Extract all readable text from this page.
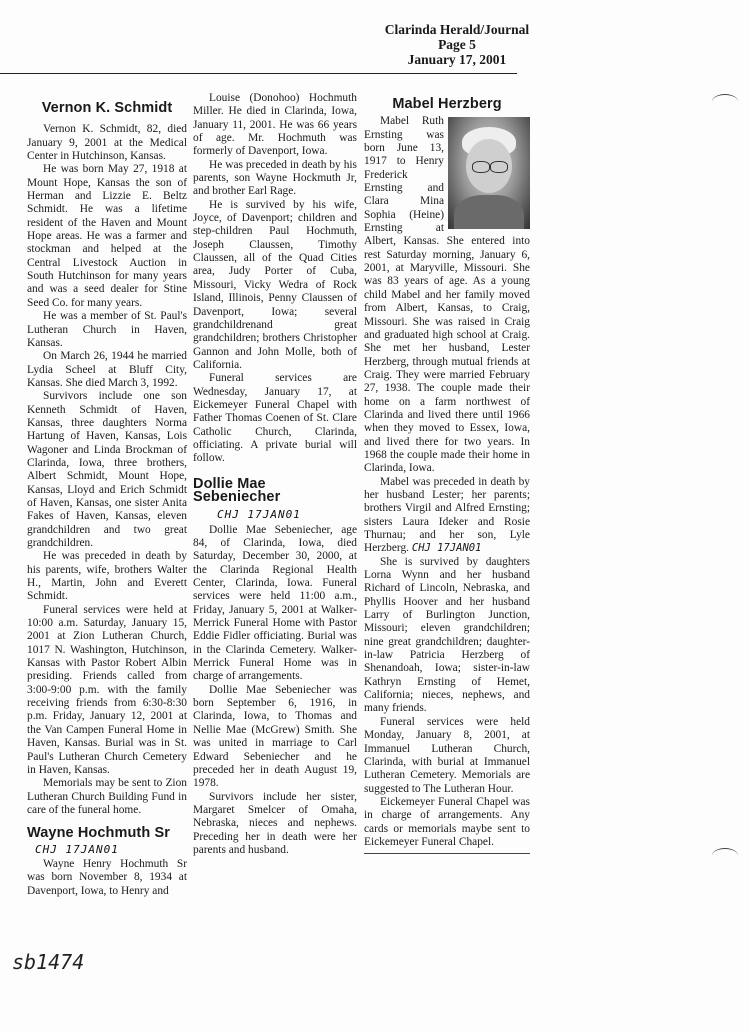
Clarinda Herald/Journal
Page 5
January 17, 2001
Vernon K. Schmidt

Vernon K. Schmidt, 82, died January 9, 2001 at the Medical Center in Hutchinson, Kansas.

He was born May 27, 1918 at Mount Hope, Kansas the son of Herman and Lizzie E. Beltz Schmidt. He was a lifetime resident of the Haven and Mount Hope areas. He was a farmer and stockman and helped at the Central Livestock Auction in South Hutchinson for many years and was a seed dealer for Stine Seed Co. for many years.

He was a member of St. Paul's Lutheran Church in Haven, Kansas.

On March 26, 1944 he married Lydia Scheel at Bluff City, Kansas. She died March 3, 1992.

Survivors include one son Kenneth Schmidt of Haven, Kansas, three daughters Norma Hartung of Haven, Kansas, Lois Wagoner and Linda Brockman of Clarinda, Iowa, three brothers, Albert Schmidt, Mount Hope, Kansas, Lloyd and Erich Schmidt of Haven, Kansas, one sister Anita Fakes of Haven, Kansas, eleven grandchildren and two great grandchildren.

He was preceded in death by his parents, wife, brothers Walter H., Martin, John and Everett Schmidt.

Funeral services were held at 10:00 a.m. Saturday, January 15, 2001 at Zion Lutheran Church, 1017 N. Washington, Hutchinson, Kansas with Pastor Robert Albin presiding. Friends called from 3:00-9:00 p.m. with the family receiving friends from 6:30-8:30 p.m. Friday, January 12, 2001 at the Van Campen Funeral Home in Haven, Kansas. Burial was in St. Paul's Lutheran Church Cemetery in Haven, Kansas.

Memorials may be sent to Zion Lutheran Church Building Fund in care of the funeral home.

Wayne Hochmuth Sr
CHJ 17JAN01

Wayne Henry Hochmuth Sr was born November 8, 1934 at Davenport, Iowa, to Henry and

Louise (Donohoo) Hochmuth Miller. He died in Clarinda, Iowa, January 11, 2001. He was 66 years of age. Mr. Hochmuth was formerly of Davenport, Iowa.

He was preceded in death by his parents, son Wayne Hockmuth Jr, and brother Earl Rage.

He is survived by his wife, Joyce, of Davenport; children and step-children Paul Hochmuth, Joseph Claussen, Timothy Claussen, all of the Quad Cities area, Judy Porter of Cuba, Missouri, Vicky Wedra of Rock Island, Illinois, Penny Claussen of Davenport, Iowa; several grandchildrenand great grandchildren; brothers Christopher Gannon and John Molle, both of California.

Funeral services are Wednesday, January 17, at Eickemeyer Funeral Chapel with Father Thomas Coenen of St. Clare Catholic Church, Clarinda, officiating. A private burial will follow.

Dollie Mae Sebeniecher
CHJ 17JAN01

Dollie Mae Sebeniecher, age 84, of Clarinda, Iowa, died Saturday, December 30, 2000, at the Clarinda Regional Health Center, Clarinda, Iowa. Funeral services were held 11:00 a.m., Friday, January 5, 2001 at Walker-Merrick Funeral Home with Pastor Eddie Fidler officiating. Burial was in the Clarinda Cemetery. Walker-Merrick Funeral Home was in charge of arrangements.

Dollie Mae Sebeniecher was born September 6, 1916, in Clarinda, Iowa, to Thomas and Nellie Mae (McGrew) Smith. She was united in marriage to Carl Edward Sebeniecher and he preceded her in death August 19, 1978.

Survivors include her sister, Margaret Smelcer of Omaha, Nebraska, nieces and nephews. Preceding her in death were her parents and husband.

Mabel Herzberg

Mabel Ruth Ernsting was born June 13, 1917 to Henry Frederick Ernsting and Clara Mina Sophia (Heine) Ernsting at Albert, Kansas. She entered into rest Saturday morning, January 6, 2001, at Maryville, Missouri. She was 83 years of age. As a young child Mabel and her family moved from Albert, Kansas, to Craig, Missouri. She was raised in Craig and graduated high school at Craig. She met her husband, Lester Herzberg, through mutual friends at Craig. They were married February 27, 1938. The couple made their home on a farm northwest of Clarinda and lived there until 1966 when they moved to Essex, Iowa, and lived there for two years. In 1968 the couple made their home in Clarinda, Iowa.

Mabel was preceded in death by her husband Lester; her parents; brothers Virgil and Alfred Ernsting; sisters Laura Ideker and Rosie Thurnau; and her son, Lyle Herzberg. CHJ 17JAN01

She is survived by daughters Lorna Wynn and her husband Richard of Lincoln, Nebraska, and Phyllis Hoover and her husband Larry of Burlington Junction, Missouri; eleven grandchildren; nine great grandchildren; daughter-in-law Patricia Herzberg of Shenandoah, Iowa; sister-in-law Kathryn Ernsting of Hemet, California; nieces, nephews, and many friends.

Funeral services were held Monday, January 8, 2001, at Immanuel Lutheran Church, Clarinda, with burial at Immanuel Lutheran Cemetery. Memorials are suggested to The Lutheran Hour.

Eickemeyer Funeral Chapel was in charge of arrangements. Any cards or memorials maybe sent to Eickemeyer Funeral Chapel.

sb1474
